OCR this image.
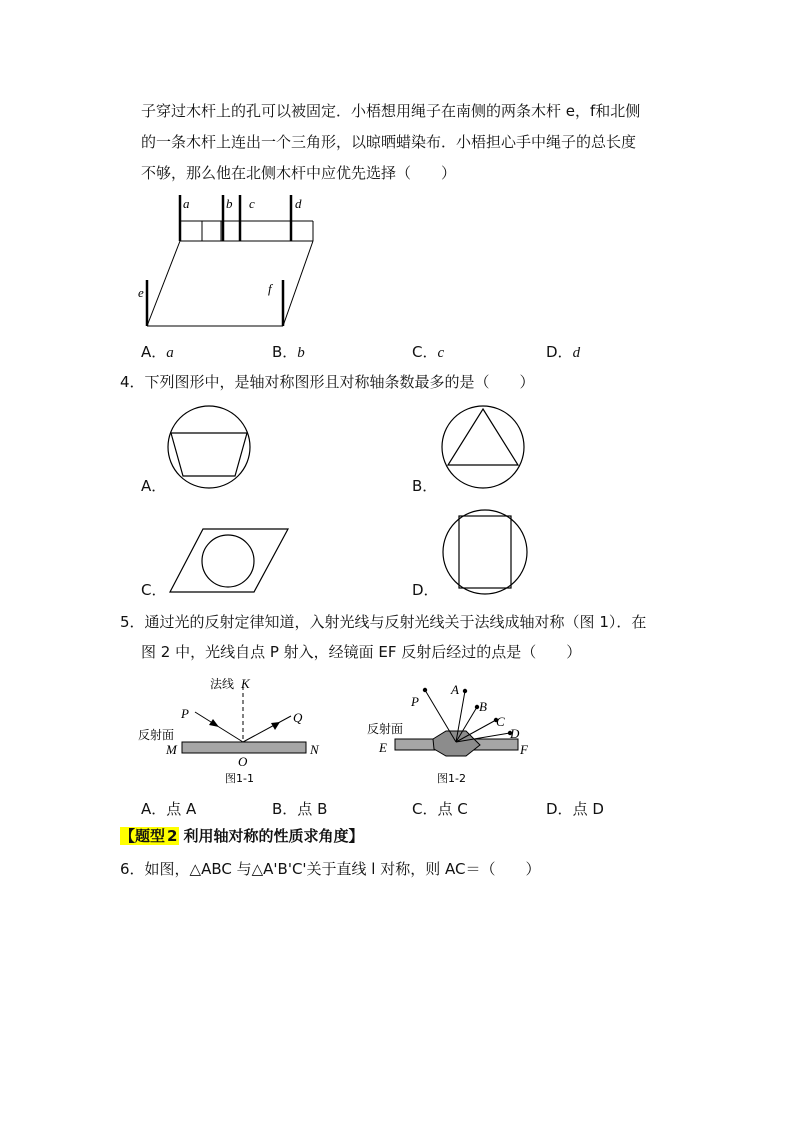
子穿过木杆上的孔可以被固定．小梧想用绳子在南侧的两条木杆 e，f和北侧
的一条木杆上连出一个三角形，以晾晒蜡染布．小梧担心手中绳子的总长度
不够，那么他在北侧木杆中应优先选择（　　）
a	b c	d
e	f
A．a	B．b	C．c	D．d
4．下列图形中，是轴对称图形且对称轴条数最多的是（　　）
A．	B．
C．	D．
5．通过光的反射定律知道，入射光线与反射光线关于法线成轴对称（图 1）．在
图 2 中，光线自点 P 射入，经镜面 EF 反射后经过的点是（　　）
法线 K
P	Q
反射面
M	N
O
图1-1
P
A
B
C
D
E	F
反射面
图1-2
A．点 A	B．点 B	C．点 C	D．点 D
【题型 2 利用轴对称的性质求角度】
6．如图，△ABC 与△A'B'C'关于直线 l 对称，则 AC＝（　　）
